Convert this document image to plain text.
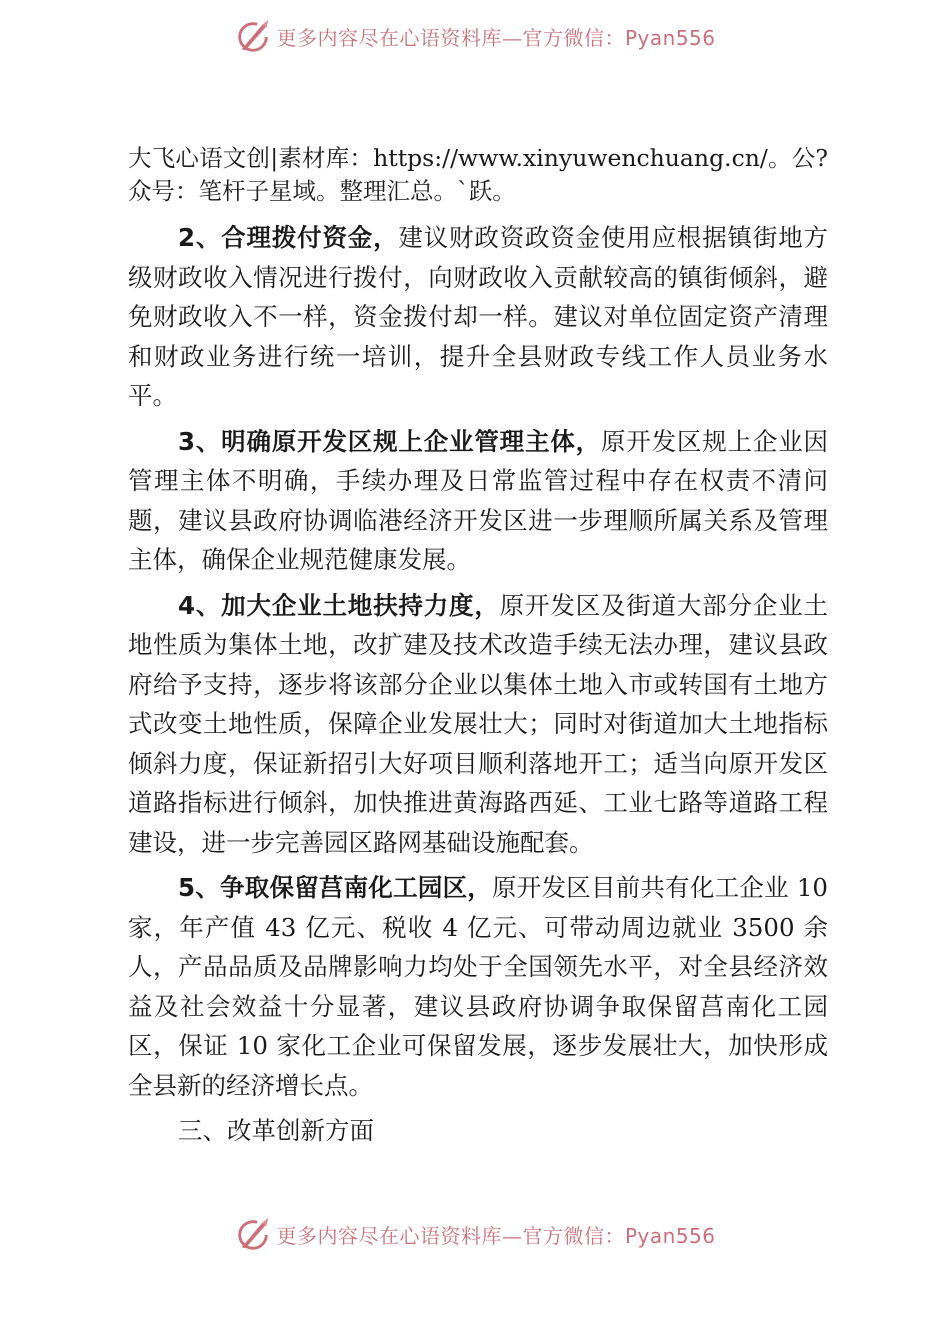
更多内容尽在心语资料库—官方微信：Pyan556

大飞心语文创|素材库：https://www.xinyuwenchuang.cn/。公?众号：笔杆子星域。整理汇总。`跃。

2、合理拨付资金，建议财政资政资金使用应根据镇街地方级财政收入情况进行拨付，向财政收入贡献较高的镇街倾斜，避免财政收入不一样，资金拨付却一样。建议对单位固定资产清理和财政业务进行统一培训，提升全县财政专线工作人员业务水平。

3、明确原开发区规上企业管理主体，原开发区规上企业因管理主体不明确，手续办理及日常监管过程中存在权责不清问题，建议县政府协调临港经济开发区进一步理顺所属关系及管理主体，确保企业规范健康发展。

4、加大企业土地扶持力度，原开发区及街道大部分企业土地性质为集体土地，改扩建及技术改造手续无法办理，建议县政府给予支持，逐步将该部分企业以集体土地入市或转国有土地方式改变土地性质，保障企业发展壮大；同时对街道加大土地指标倾斜力度，保证新招引大好项目顺利落地开工；适当向原开发区道路指标进行倾斜，加快推进黄海路西延、工业七路等道路工程建设，进一步完善园区路网基础设施配套。

5、争取保留莒南化工园区，原开发区目前共有化工企业 10 家，年产值 43 亿元、税收 4 亿元、可带动周边就业 3500 余人，产品品质及品牌影响力均处于全国领先水平，对全县经济效益及社会效益十分显著，建议县政府协调争取保留莒南化工园区，保证 10 家化工企业可保留发展，逐步发展壮大，加快形成全县新的经济增长点。

三、改革创新方面

更多内容尽在心语资料库—官方微信：Pyan556
